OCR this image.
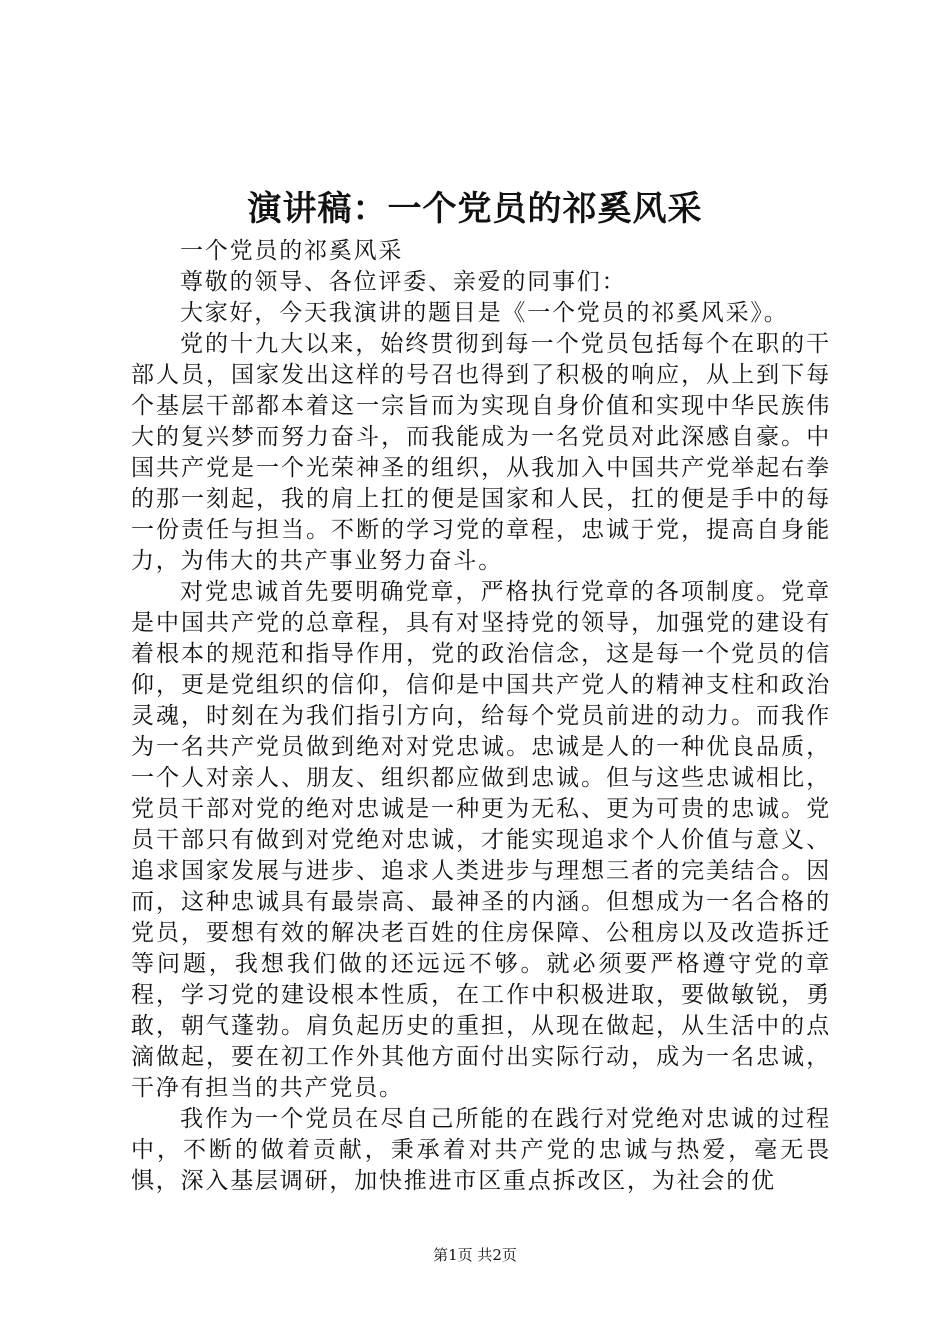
演讲稿：一个党员的祁奚风采

一个党员的祁奚风采

尊敬的领导、各位评委、亲爱的同事们：

大家好，今天我演讲的题目是《一个党员的祁奚风采》。

党的十九大以来，始终贯彻到每一个党员包括每个在职的干部人员，国家发出这样的号召也得到了积极的响应，从上到下每个基层干部都本着这一宗旨而为实现自身价值和实现中华民族伟大的复兴梦而努力奋斗，而我能成为一名党员对此深感自豪。中国共产党是一个光荣神圣的组织，从我加入中国共产党举起右拳的那一刻起，我的肩上扛的便是国家和人民，扛的便是手中的每一份责任与担当。不断的学习党的章程，忠诚于党，提高自身能力，为伟大的共产事业努力奋斗。

对党忠诚首先要明确党章，严格执行党章的各项制度。党章是中国共产党的总章程，具有对坚持党的领导，加强党的建设有着根本的规范和指导作用，党的政治信念，这是每一个党员的信仰，更是党组织的信仰，信仰是中国共产党人的精神支柱和政治灵魂，时刻在为我们指引方向，给每个党员前进的动力。而我作为一名共产党员做到绝对对党忠诚。忠诚是人的一种优良品质，一个人对亲人、朋友、组织都应做到忠诚。但与这些忠诚相比，党员干部对党的绝对忠诚是一种更为无私、更为可贵的忠诚。党员干部只有做到对党绝对忠诚，才能实现追求个人价值与意义、追求国家发展与进步、追求人类进步与理想三者的完美结合。因而，这种忠诚具有最崇高、最神圣的内涵。但想成为一名合格的党员，要想有效的解决老百姓的住房保障、公租房以及改造拆迁等问题，我想我们做的还远远不够。就必须要严格遵守党的章程，学习党的建设根本性质，在工作中积极进取，要做敏锐，勇敢，朝气蓬勃。肩负起历史的重担，从现在做起，从生活中的点滴做起，要在初工作外其他方面付出实际行动，成为一名忠诚，干净有担当的共产党员。

我作为一个党员在尽自己所能的在践行对党绝对忠诚的过程中，不断的做着贡献，秉承着对共产党的忠诚与热爱，毫无畏惧，深入基层调研，加快推进市区重点拆改区，为社会的优

第1页 共2页
